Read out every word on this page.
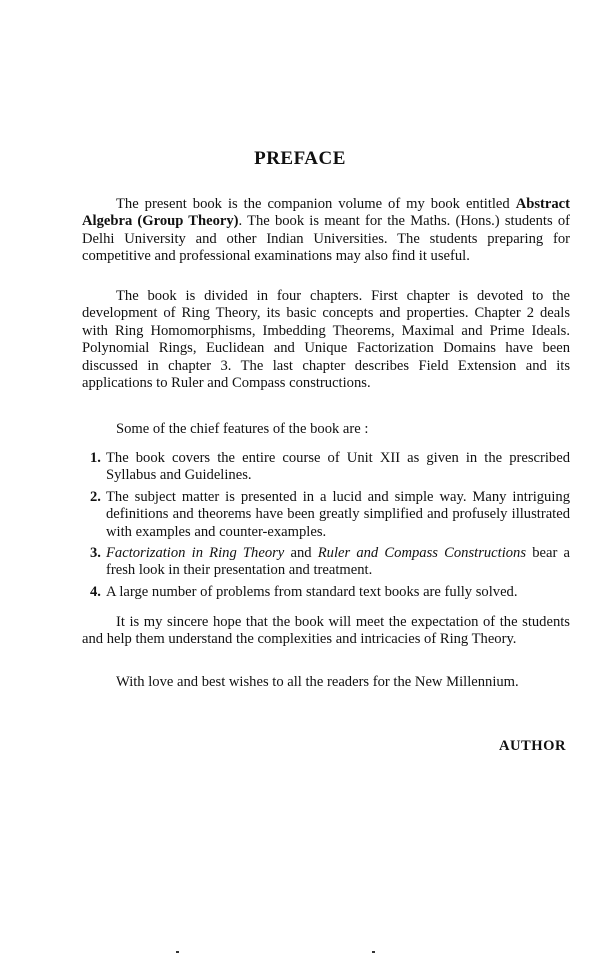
PREFACE

The present book is the companion volume of my book entitled Abstract Algebra (Group Theory). The book is meant for the Maths. (Hons.) students of Delhi University and other Indian Universities. The students preparing for competitive and professional examinations may also find it useful.

The book is divided in four chapters. First chapter is devoted to the development of Ring Theory, its basic concepts and properties. Chapter 2 deals with Ring Homomorphisms, Imbedding Theorems, Maximal and Prime Ideals. Polynomial Rings, Euclidean and Unique Factorization Domains have been discussed in chapter 3. The last chapter describes Field Extension and its applications to Ruler and Compass constructions.

Some of the chief features of the book are :

1. The book covers the entire course of Unit XII as given in the prescribed Syllabus and Guidelines.
2. The subject matter is presented in a lucid and simple way. Many intriguing definitions and theorems have been greatly simplified and profusely illustrated with examples and counter-examples.
3. Factorization in Ring Theory and Ruler and Compass Constructions bear a fresh look in their presentation and treatment.
4. A large number of problems from standard text books are fully solved.

It is my sincere hope that the book will meet the expectation of the students and help them understand the complexities and intricacies of Ring Theory.

With love and best wishes to all the readers for the New Millennium.

AUTHOR
